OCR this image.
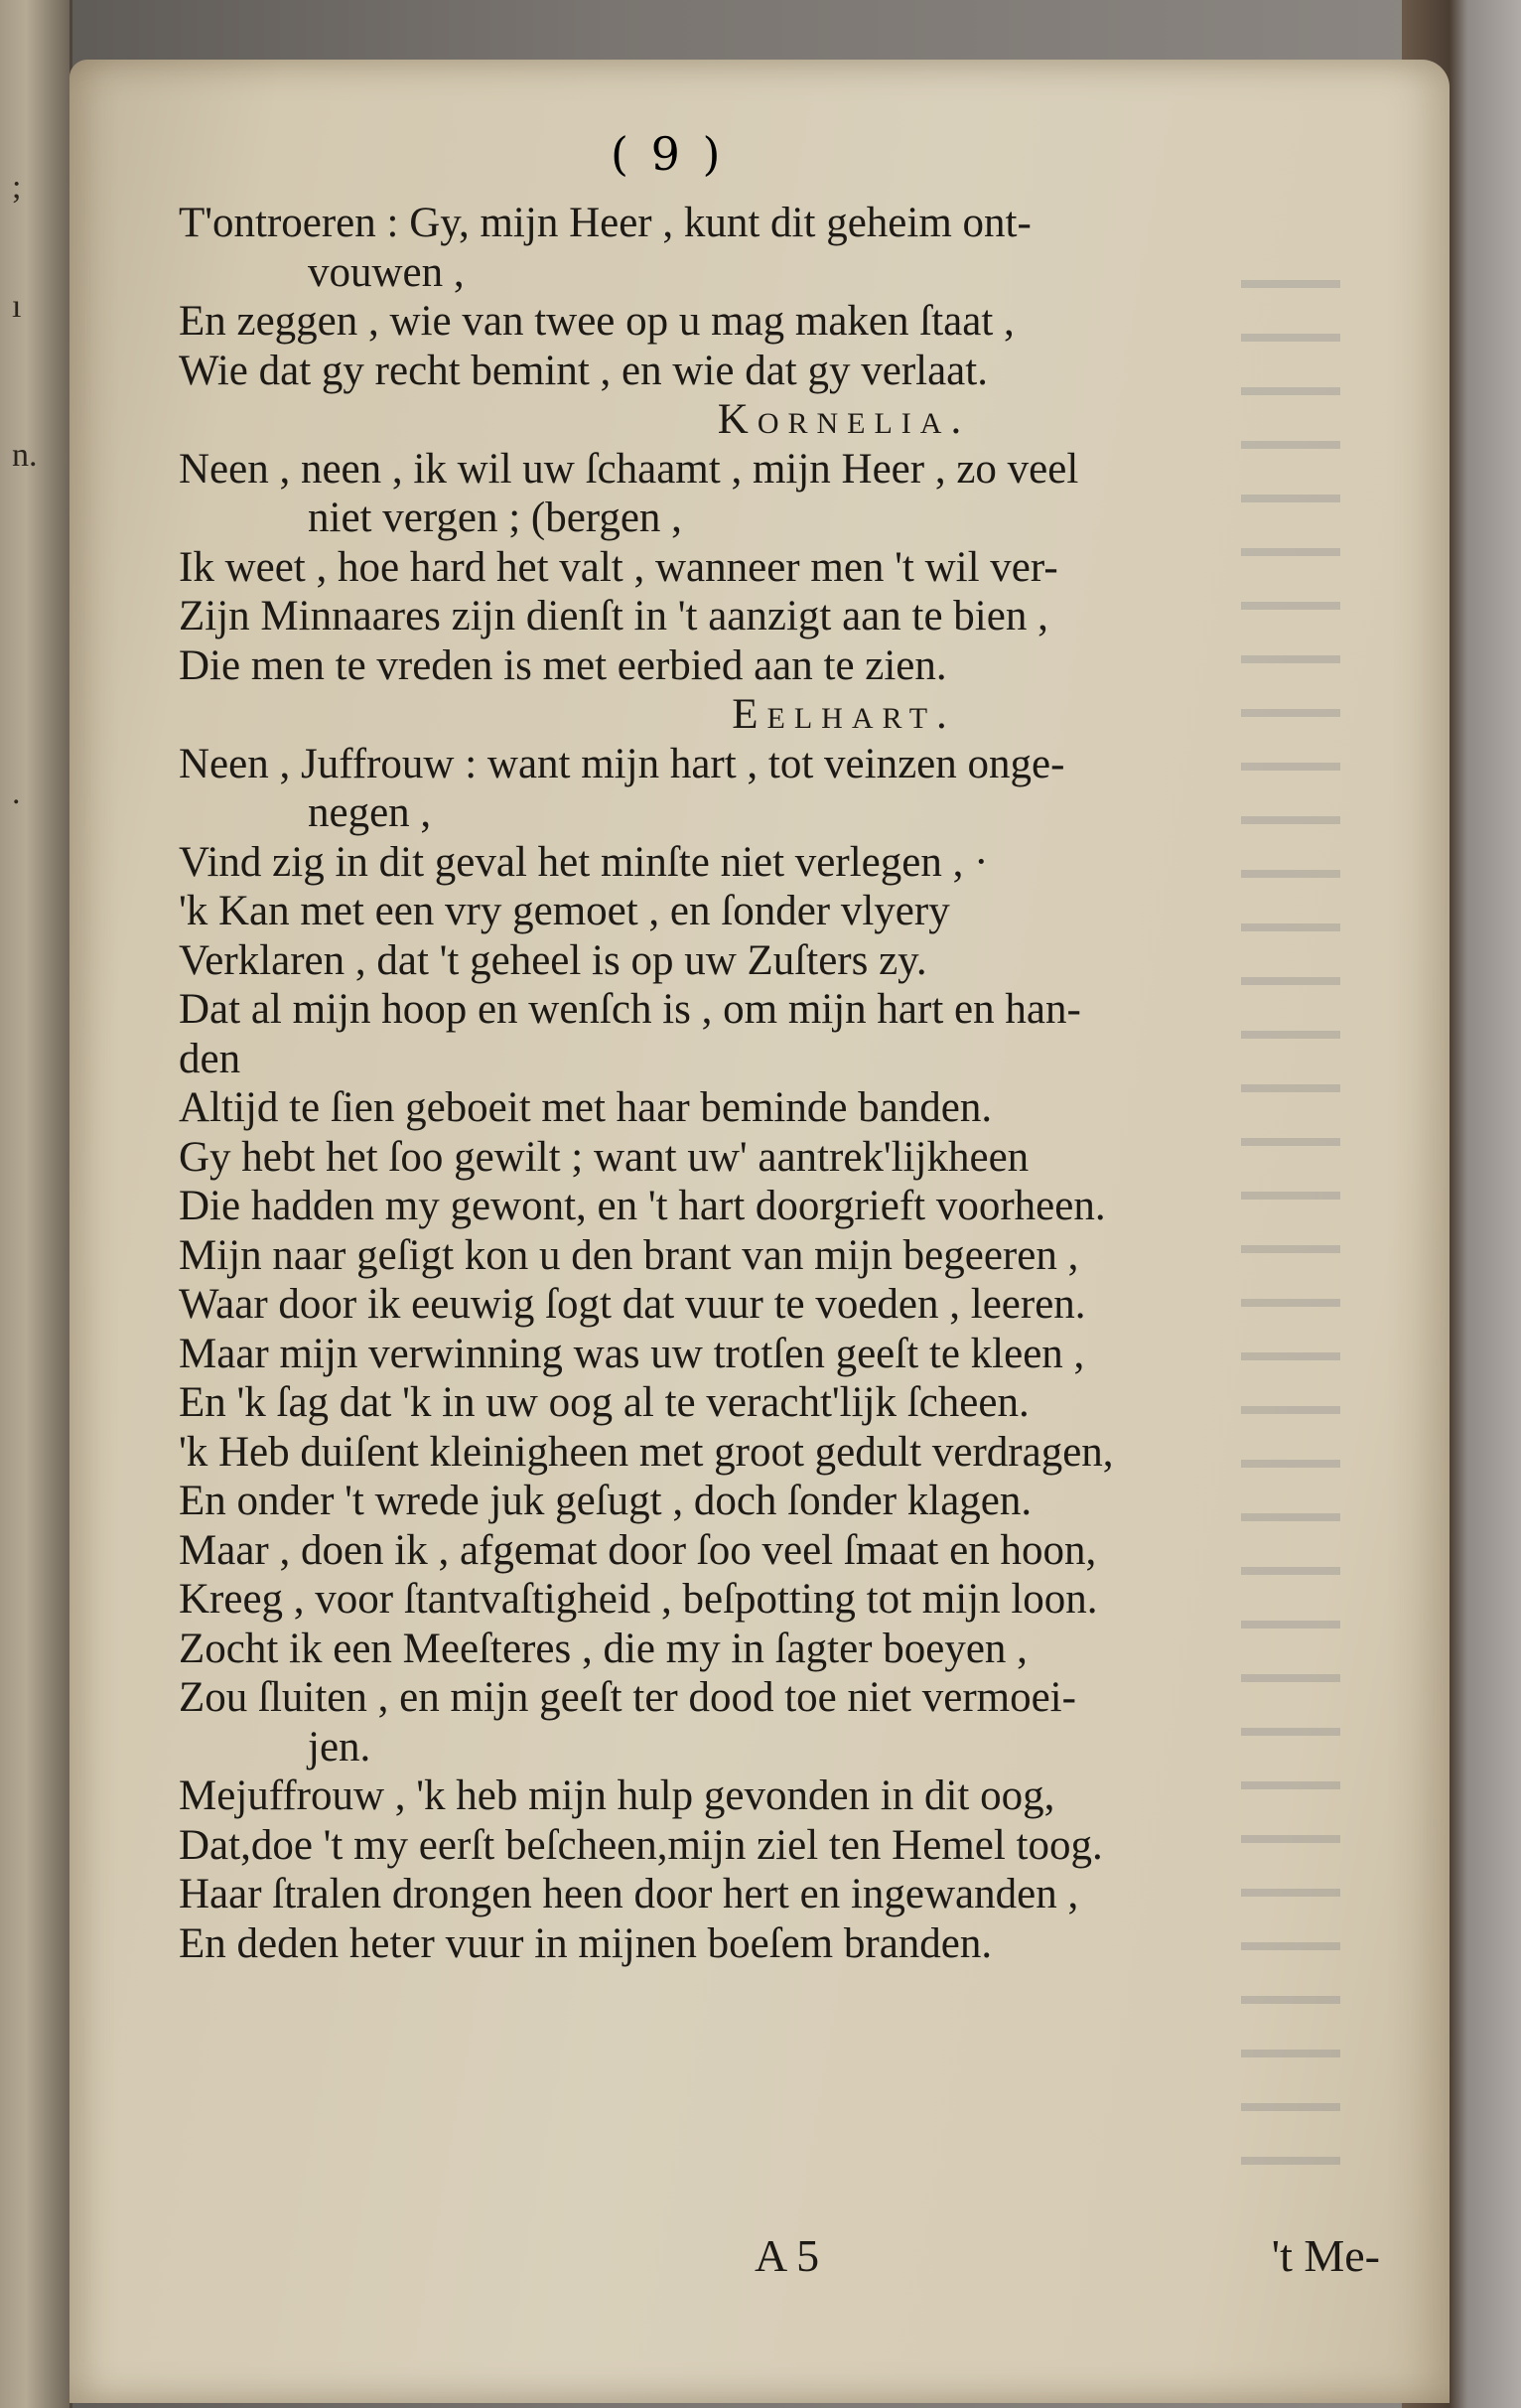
;
ı
n.
.
( 9 )
T'ontroeren : Gy, mijn Heer , kunt dit geheim ont-
vouwen ,
En zeggen , wie van twee op u mag maken ſtaat ,
Wie dat gy recht bemint , en wie dat gy verlaat.
Kornelia.
Neen , neen , ik wil uw ſchaamt , mijn Heer , zo veel
niet vergen ; (bergen ,
Ik weet , hoe hard het valt , wanneer men 't wil ver-
Zijn Minnaares zijn dienſt in 't aanzigt aan te bien ,
Die men te vreden is met eerbied aan te zien.
Eelhart.
Neen , Juffrouw : want mijn hart , tot veinzen onge-
negen ,
Vind zig in dit geval het minſte niet verlegen , ·
'k Kan met een vry gemoet , en ſonder vlyery
Verklaren , dat 't geheel is op uw Zuſters zy.
Dat al mijn hoop en wenſch is , om mijn hart en han-
den
Altijd te ſien geboeit met haar beminde banden.
Gy hebt het ſoo gewilt ; want uw' aantrek'lijkheen
Die hadden my gewont, en 't hart doorgrieft voorheen.
Mijn naar geſigt kon u den brant van mijn begeeren ,
Waar door ik eeuwig ſogt dat vuur te voeden , leeren.
Maar mijn verwinning was uw trotſen geeſt te kleen ,
En 'k ſag dat 'k in uw oog al te veracht'lijk ſcheen.
'k Heb duiſent kleinigheen met groot gedult verdragen,
En onder 't wrede juk geſugt , doch ſonder klagen.
Maar , doen ik , afgemat door ſoo veel ſmaat en hoon,
Kreeg , voor ſtantvaſtigheid , beſpotting tot mijn loon.
Zocht ik een Meeſteres , die my in ſagter boeyen ,
Zou ſluiten , en mijn geeſt ter dood toe niet vermoei-
jen.
Mejuffrouw , 'k heb mijn hulp gevonden in dit oog,
Dat,doe 't my eerſt beſcheen,mijn ziel ten Hemel toog.
Haar ſtralen drongen heen door hert en ingewanden ,
En deden heter vuur in mijnen boeſem branden.
A 5	't Me-
